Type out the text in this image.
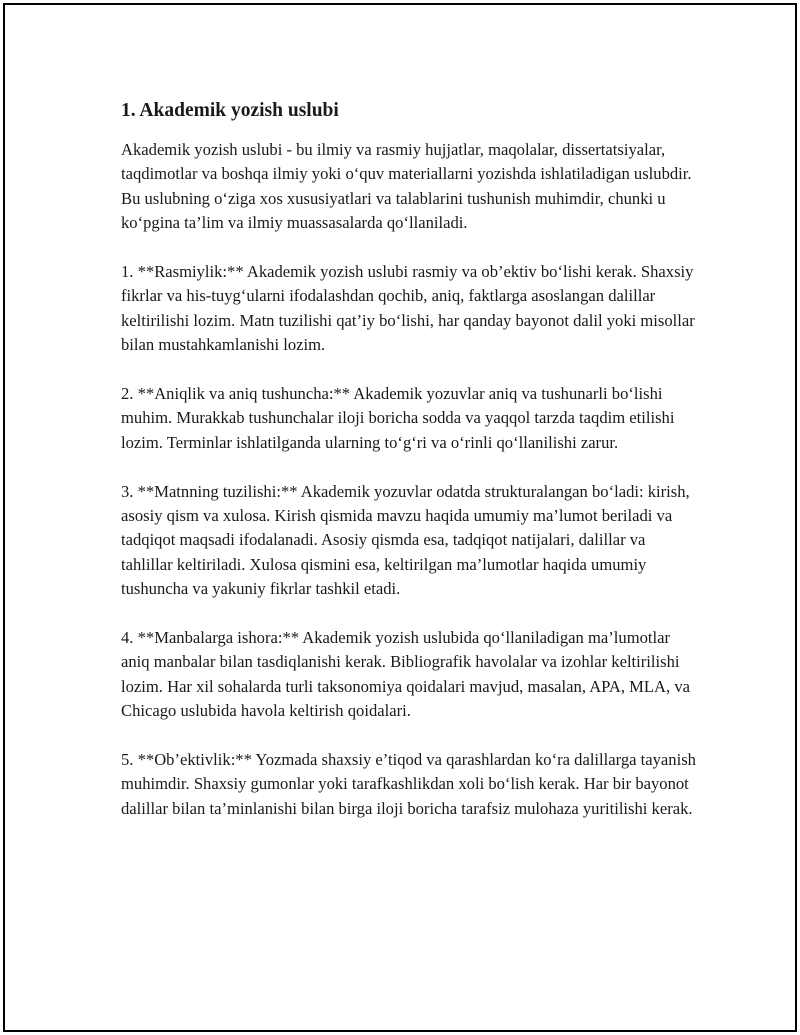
1. Akademik yozish uslubi

Akademik yozish uslubi - bu ilmiy va rasmiy hujjatlar, maqolalar, dissertatsiyalar, taqdimotlar va boshqa ilmiy yoki o‘quv materiallarni yozishda ishlatiladigan uslubdir. Bu uslubning o‘ziga xos xususiyatlari va talablarini tushunish muhimdir, chunki u ko‘pgina ta’lim va ilmiy muassasalarda qo‘llaniladi.

1. **Rasmiylik:** Akademik yozish uslubi rasmiy va ob’ektiv bo‘lishi kerak. Shaxsiy fikrlar va his-tuyg‘ularni ifodalashdan qochib, aniq, faktlarga asoslangan dalillar keltirilishi lozim. Matn tuzilishi qat’iy bo‘lishi, har qanday bayonot dalil yoki misollar bilan mustahkamlanishi lozim.

2. **Aniqlik va aniq tushuncha:** Akademik yozuvlar aniq va tushunarli bo‘lishi muhim. Murakkab tushunchalar iloji boricha sodda va yaqqol tarzda taqdim etilishi lozim. Terminlar ishlatilganda ularning to‘g‘ri va o‘rinli qo‘llanilishi zarur.

3. **Matnning tuzilishi:** Akademik yozuvlar odatda strukturalangan bo‘ladi: kirish, asosiy qism va xulosa. Kirish qismida mavzu haqida umumiy ma’lumot beriladi va tadqiqot maqsadi ifodalanadi. Asosiy qismda esa, tadqiqot natijalari, dalillar va tahlillar keltiriladi. Xulosa qismini esa, keltirilgan ma’lumotlar haqida umumiy tushuncha va yakuniy fikrlar tashkil etadi.

4. **Manbalarga ishora:** Akademik yozish uslubida qo‘llaniladigan ma’lumotlar aniq manbalar bilan tasdiqlanishi kerak. Bibliografik havolalar va izohlar keltirilishi lozim. Har xil sohalarda turli taksonomiya qoidalari mavjud, masalan, APA, MLA, va Chicago uslubida havola keltirish qoidalari.

5. **Ob’ektivlik:** Yozmada shaxsiy e’tiqod va qarashlardan ko‘ra dalillarga tayanish muhimdir. Shaxsiy gumonlar yoki tarafkashlikdan xoli bo‘lish kerak. Har bir bayonot dalillar bilan ta’minlanishi bilan birga iloji boricha tarafsiz mulohaza yuritilishi kerak.
